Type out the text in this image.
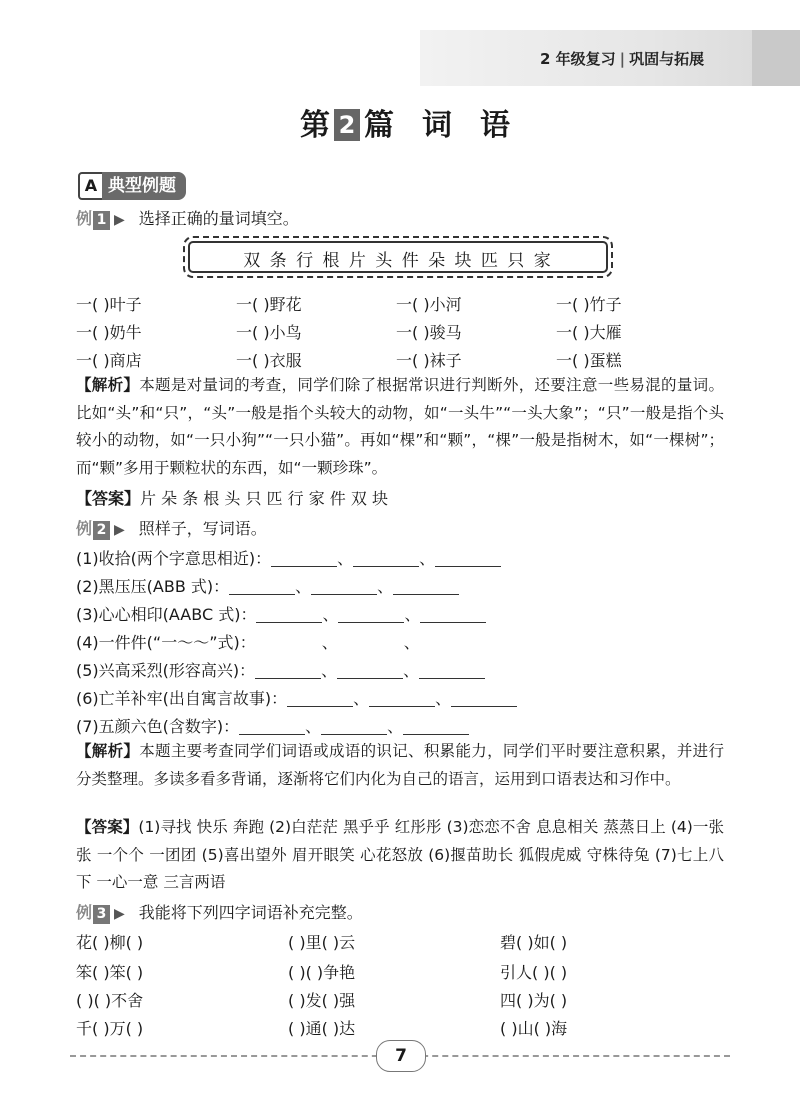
2 年级复习 | 巩固与拓展
第 2 篇 词 语
A 典型例题
例 1 ▶ 选择正确的量词填空。
双 条 行 根 片 头 件 朵 块 匹 只 家
一( )叶子	一( )野花	一( )小河	一( )竹子
一( )奶牛	一( )小鸟	一( )骏马	一( )大雁
一( )商店	一( )衣服	一( )袜子	一( )蛋糕
【解析】本题是对量词的考查，同学们除了根据常识进行判断外，还要注意一些易混的量词。比如“头”和“只”，“头”一般是指个头较大的动物，如“一头牛”“一头大象”；“只”一般是指个头较小的动物，如“一只小狗”“一只小猫”。再如“棵”和“颗”，“棵”一般是指树木，如“一棵树”；而“颗”多用于颗粒状的东西，如“一颗珍珠”。
【答案】片 朵 条 根 头 只 匹 行 家 件 双 块
例 2 ▶ 照样子，写词语。
(1)收拾(两个字意思相近)：	、	、
(2)黑压压(ABB 式)：	、	、
(3)心心相印(AABC 式)：	、	、
(4)一件件(“一～～”式)：	、	、
(5)兴高采烈(形容高兴)：	、	、
(6)亡羊补牢(出自寓言故事)：	、	、
(7)五颜六色(含数字)：	、	、
【解析】本题主要考查同学们词语或成语的识记、积累能力，同学们平时要注意积累，并进行分类整理。多读多看多背诵，逐渐将它们内化为自己的语言，运用到口语表达和习作中。
【答案】(1)寻找 快乐 奔跑 (2)白茫茫 黑乎乎 红彤彤 (3)恋恋不舍 息息相关 蒸蒸日上 (4)一张张 一个个 一团团 (5)喜出望外 眉开眼笑 心花怒放 (6)揠苗助长 狐假虎威 守株待兔 (7)七上八下 一心一意 三言两语
例 3 ▶ 我能将下列四字词语补充完整。
花( )柳( )	( )里( )云	碧( )如( )
笨( )笨( )	( )( )争艳	引人( )( )
( )( )不舍	( )发( )强	四( )为( )
千( )万( )	( )通( )达	( )山( )海
7
